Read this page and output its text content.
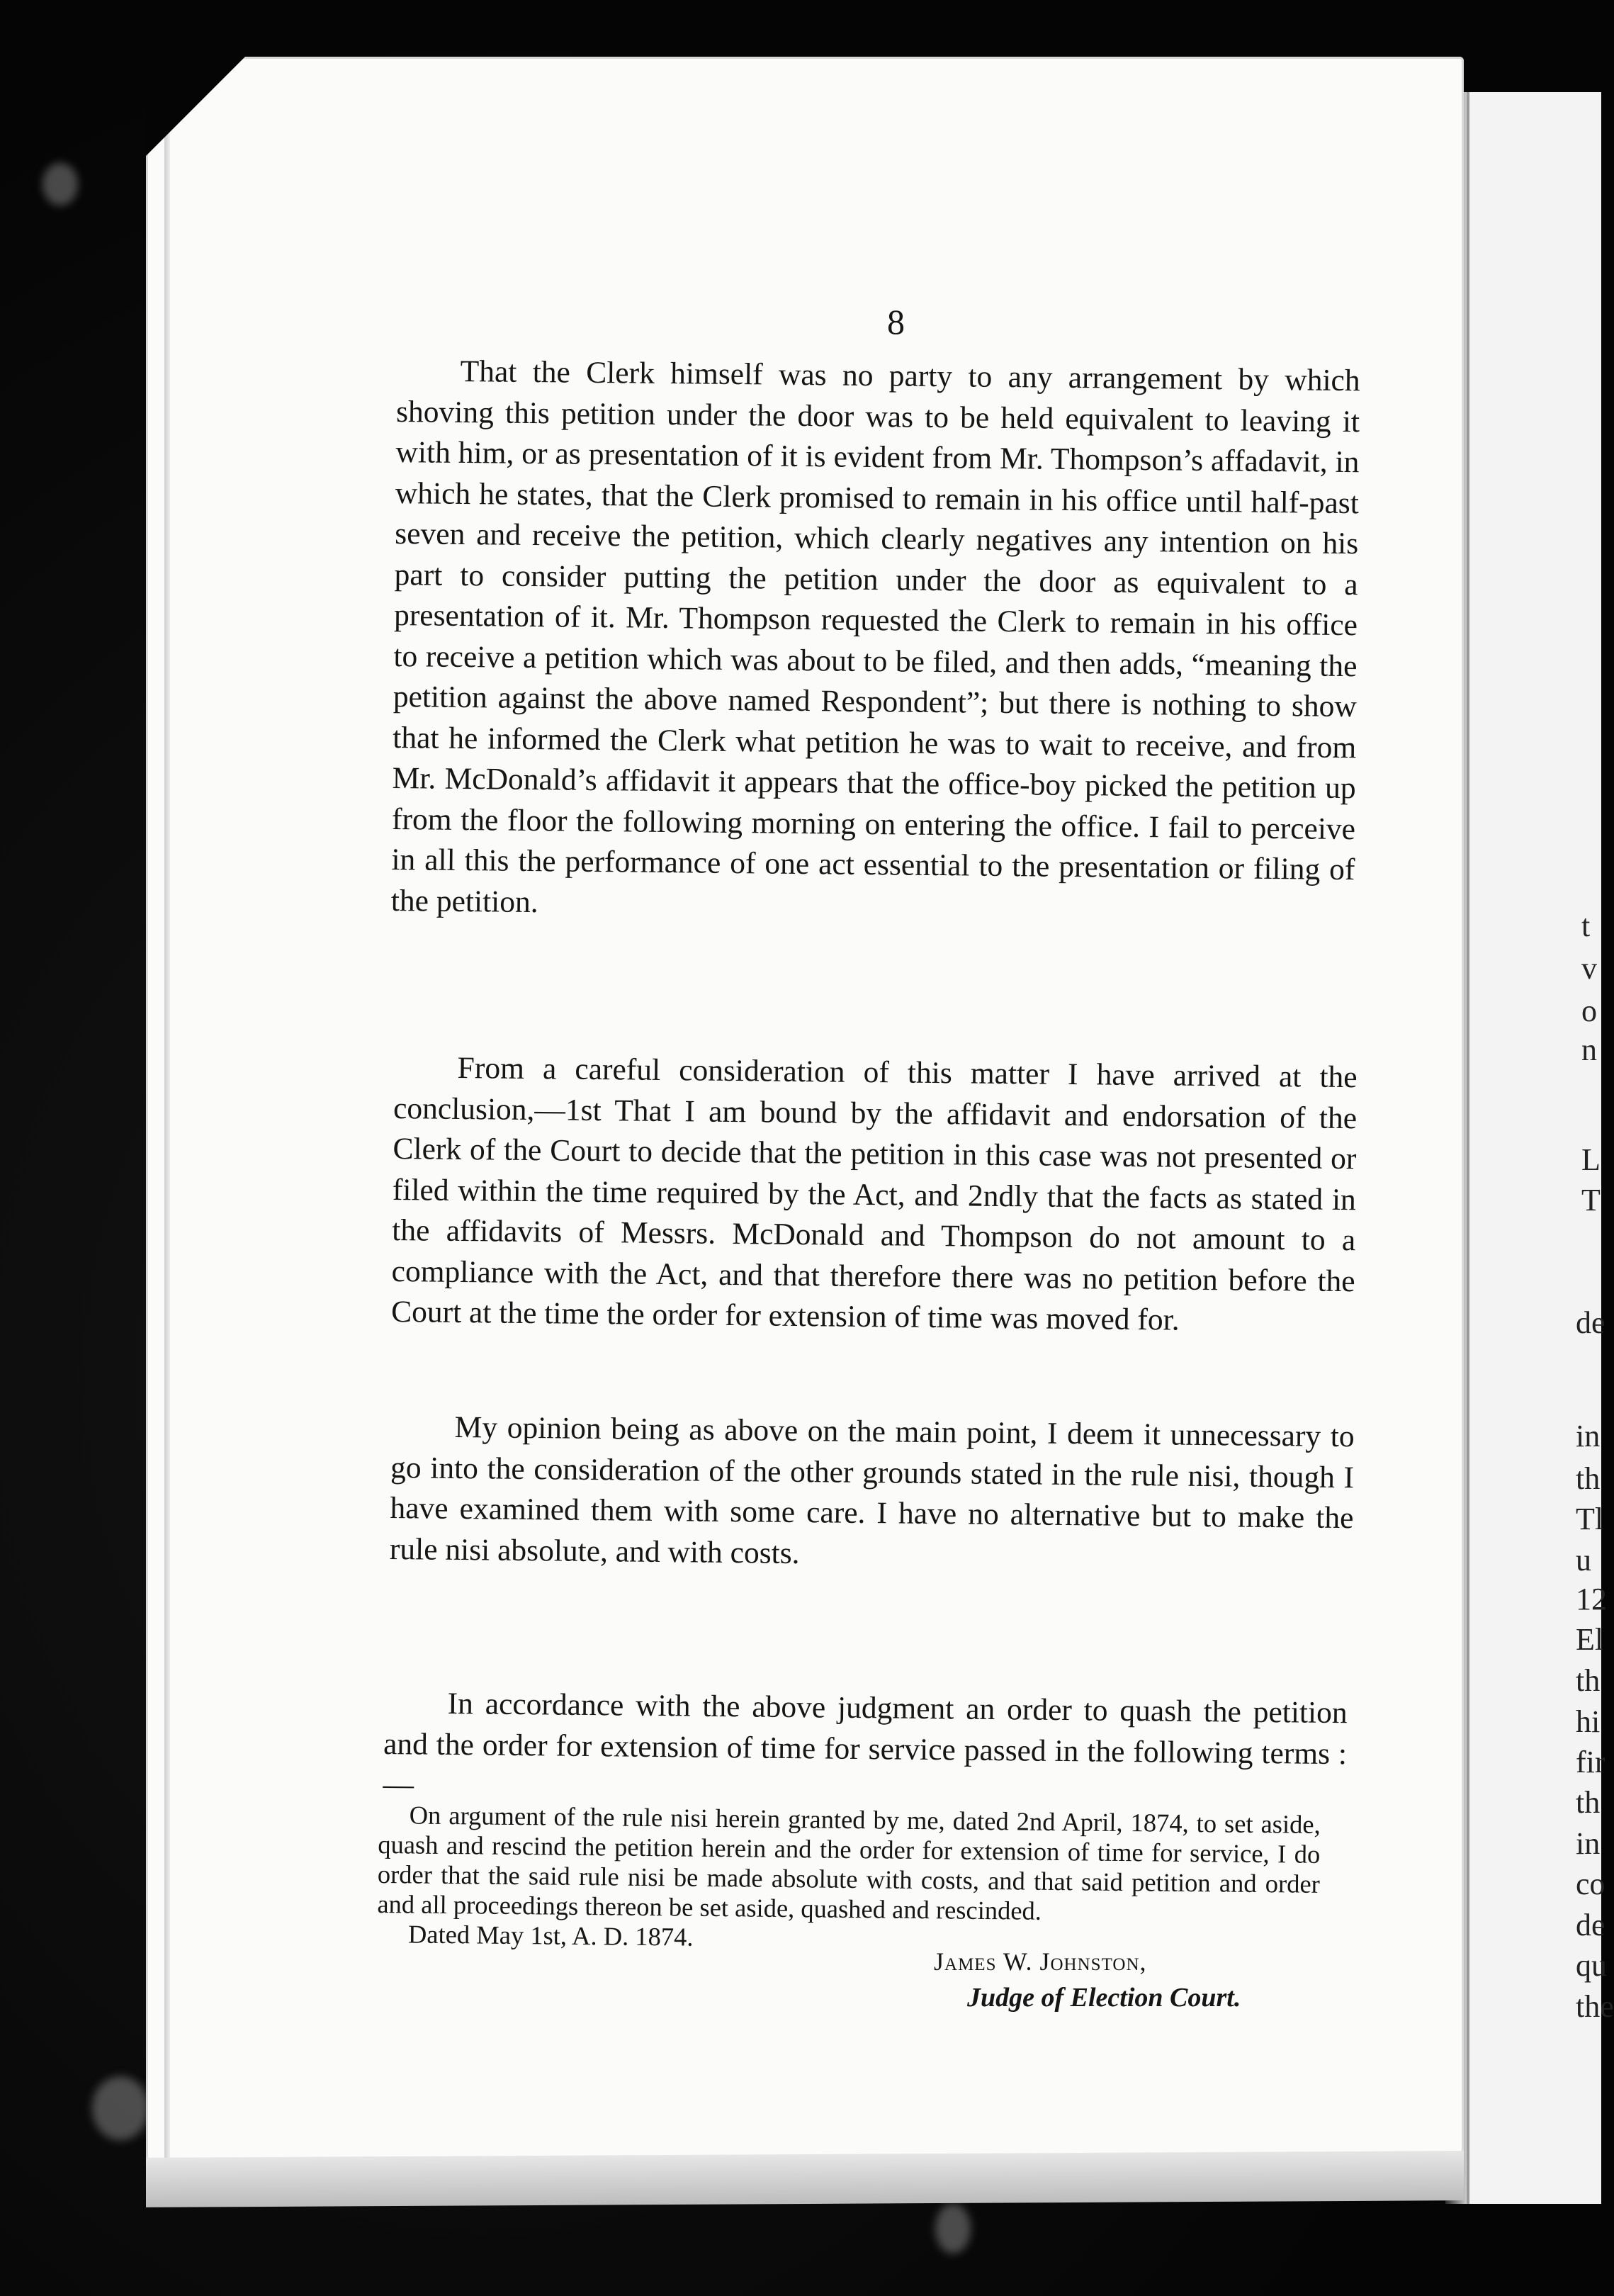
t
v
o
n
L
T
de
in
th
Tl
u
12
El
th
hi
fir
th
in
co
de
qu
the
8

That the Clerk himself was no party to any arrangement by which shoving this petition under the door was to be held equivalent to leaving it with him, or as presentation of it is evident from Mr. Thompson’s affadavit, in which he states, that the Clerk promised to remain in his office until half-past seven and receive the petition, which clearly negatives any intention on his part to consider putting the petition under the door as equivalent to a presentation of it. Mr. Thompson requested the Clerk to remain in his office to receive a petition which was about to be filed, and then adds, “meaning the petition against the above named Respondent”; but there is nothing to show that he informed the Clerk what petition he was to wait to receive, and from Mr. McDonald’s affidavit it appears that the office-boy picked the petition up from the floor the following morning on entering the office. I fail to perceive in all this the performance of one act essential to the presentation or filing of the petition.

From a careful consideration of this matter I have arrived at the conclusion,—1st That I am bound by the affidavit and endorsation of the Clerk of the Court to decide that the petition in this case was not presented or filed within the time required by the Act, and 2ndly that the facts as stated in the affidavits of Messrs. McDonald and Thompson do not amount to a compliance with the Act, and that therefore there was no petition before the Court at the time the order for extension of time was moved for.

My opinion being as above on the main point, I deem it unnecessary to go into the consideration of the other grounds stated in the rule nisi, though I have examined them with some care. I have no alternative but to make the rule nisi absolute, and with costs.

In accordance with the above judgment an order to quash the petition and the order for extension of time for service passed in the following terms :—

On argument of the rule nisi herein granted by me, dated 2nd April, 1874, to set aside, quash and rescind the petition herein and the order for extension of time for service, I do order that the said rule nisi be made absolute with costs, and that said petition and order and all proceedings thereon be set aside, quashed and rescinded.

Dated May 1st, A. D. 1874.

James W. Johnston,
Judge of Election Court.
